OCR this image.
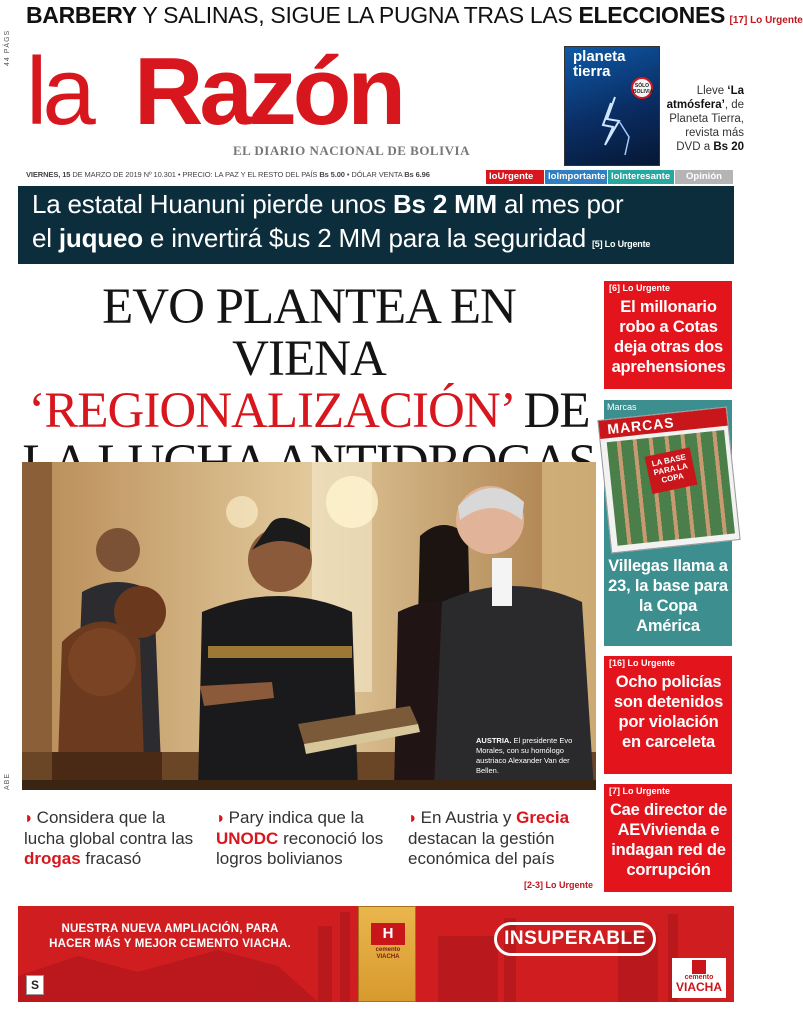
44 PÁGS
ABE
BARBERY Y SALINAS, SIGUE LA PUGNA TRAS LAS ELECCIONES [17] Lo Urgente
la Razón
EL DIARIO NACIONAL DE BOLIVIA
planeta tierra
SÓLO BOLIVIA	Lleve ‘La atmósfera’, de Planeta Tierra, revista más DVD a Bs 20
VIERNES, 15 DE MARZO DE 2019 Nº 10.301 • PRECIO: LA PAZ Y EL RESTO DEL PAÍS Bs 5.00 • DÓLAR VENTA Bs 6.96	loUrgente	loImportante loInteresante	Opinión
La estatal Huanuni pierde unos Bs 2 MM al mes por
el juqueo e invertirá $us 2 MM para la seguridad [5] Lo Urgente
EVO PLANTEA EN VIENA
‘REGIONALIZACIÓN’ DE
AUSTRIA. El presidente Evo Morales, con su homólogo austriaco Alexander Van der Bellen.
◗ Considera que la lucha global contra las drogas fracasó
◗ Pary indica que la UNODC reconoció los logros bolivianos
◗ En Austria y Grecia destacan la gestión económica del país
[2-3] Lo Urgente
[6] Lo Urgente
El millonario robo a Cotas deja otras dos aprehensiones
Marcas
MARCAS
LA BASE PARA LA COPA
Villegas llama a 23, la base para la Copa América
[16] Lo Urgente
Ocho policías son detenidos por violación en carceleta
[7] Lo Urgente
Cae director de AEVivienda e indagan red de corrupción
NUESTRA NUEVA AMPLIACIÓN, PARA HACER MÁS Y MEJOR CEMENTO VIACHA.
H
cemento VIACHA
INSUPERABLE
cemento
VIACHA
S
